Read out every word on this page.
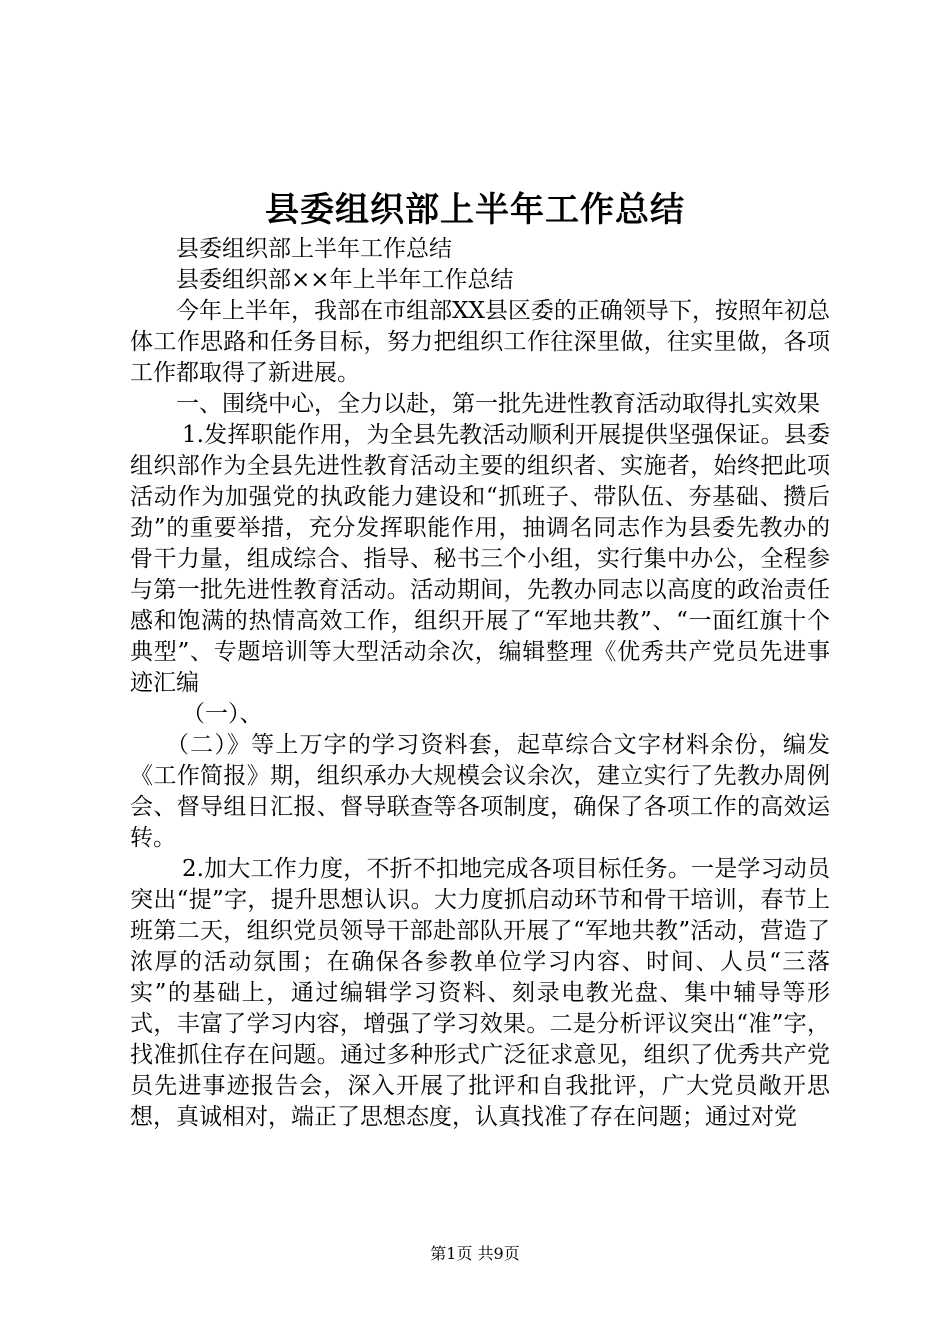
县委组织部上半年工作总结

县委组织部上半年工作总结

县委组织部××年上半年工作总结

今年上半年，我部在市组部XX县区委的正确领导下，按照年初总体工作思路和任务目标，努力把组织工作往深里做，往实里做，各项工作都取得了新进展。

一、围绕中心，全力以赴，第一批先进性教育活动取得扎实效果

1.发挥职能作用，为全县先教活动顺利开展提供坚强保证。县委组织部作为全县先进性教育活动主要的组织者、实施者，始终把此项活动作为加强党的执政能力建设和“抓班子、带队伍、夯基础、攒后劲”的重要举措，充分发挥职能作用，抽调名同志作为县委先教办的骨干力量，组成综合、指导、秘书三个小组，实行集中办公，全程参与第一批先进性教育活动。活动期间，先教办同志以高度的政治责任感和饱满的热情高效工作，组织开展了“军地共教”、“一面红旗十个典型”、专题培训等大型活动余次，编辑整理《优秀共产党员先进事迹汇编

（一）、

（二）》等上万字的学习资料套，起草综合文字材料余份，编发《工作简报》期，组织承办大规模会议余次，建立实行了先教办周例会、督导组日汇报、督导联查等各项制度，确保了各项工作的高效运转。

2.加大工作力度，不折不扣地完成各项目标任务。一是学习动员突出“提”字，提升思想认识。大力度抓启动环节和骨干培训，春节上班第二天，组织党员领导干部赴部队开展了“军地共教”活动，营造了浓厚的活动氛围；在确保各参教单位学习内容、时间、人员“三落实”的基础上，通过编辑学习资料、刻录电教光盘、集中辅导等形式，丰富了学习内容，增强了学习效果。二是分析评议突出“准”字，找准抓住存在问题。通过多种形式广泛征求意见，组织了优秀共产党员先进事迹报告会，深入开展了批评和自我批评，广大党员敞开思想，真诚相对，端正了思想态度，认真找准了存在问题；通过对党

第1页 共9页
